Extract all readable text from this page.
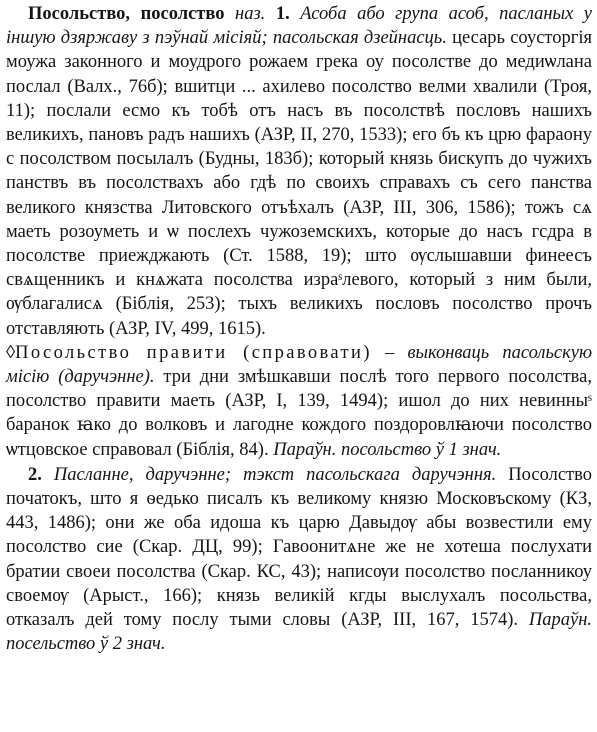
Посольство, посолство наз. 1. Асоба або група асоб, пасланых у іншую дзяржаву з пэўнай місіяй; пасольская дзейнасць. цесарь соусторгія моужа законного и моудрого рожаем грека оу посолстве до медиѡлана послал (Валх., 76б); вшитци ... ахилево посолство велми хвалили (Троя, 11); послали есмо къ тобѣ отъ насъ въ посолствѣ пословъ нашихъ великихъ, пановъ радъ нашихъ (АЗР, II, 270, 1533); его бъ къ црю фараону с посолством посылалъ (Будны, 183б); который князь бискупъ до чужихъ панствъ въ посолствахъ або гдѣ по своихъ справахъ съ сего панства великого князства Литовского отъѣхалъ (АЗР, III, 306, 1586); тожъ сѧ маеть розоуметь и ѡ послехъ чужоземскихъ, которые до насъ гсдра в посолстве приежджають (Ст. 1588, 19); што ѹслышавши финеесъ свѧщенникъ и кнѧжата посолства израˢлевого, который з ним были, ѹблагалисѧ (Біблія, 253); тыхъ великихъ пословъ посолство прочъ отставляють (АЗР, IV, 499, 1615).

◊Посольство правити (справовати) – выконваць пасольскую місію (даручэнне). три дни змѣшкавши послѣ того первого посолства, посолство правити маеть (АЗР, I, 139, 1494); ишол до них невинныˢ баранок ꙗко до волковъ и лагодне кождого поздоровлꙗючи посолство ѡтцовское справовал (Біблія, 84). Параўн. посольство ў 1 знач.

2. Пасланне, даручэнне; тэкст пасольскага даручэння. Посолство початокъ, што я ѳедько писалъ къ великому князю Московъскому (КЗ, 443, 1486); они же оба идоша къ царю Давыдѹ абы возвестили ему посолство сие (Скар. ДЦ, 99); Гавоонитѧне же не хотеша послухати братии своеи посолства (Скар. КС, 43); написѹи посолство посланникоу своемѹ (Арыст., 166); князь великій кгды выслухалъ посольства, отказалъ дей тому послу тыми словы (АЗР, III, 167, 1574). Параўн. посельство ў 2 знач.
